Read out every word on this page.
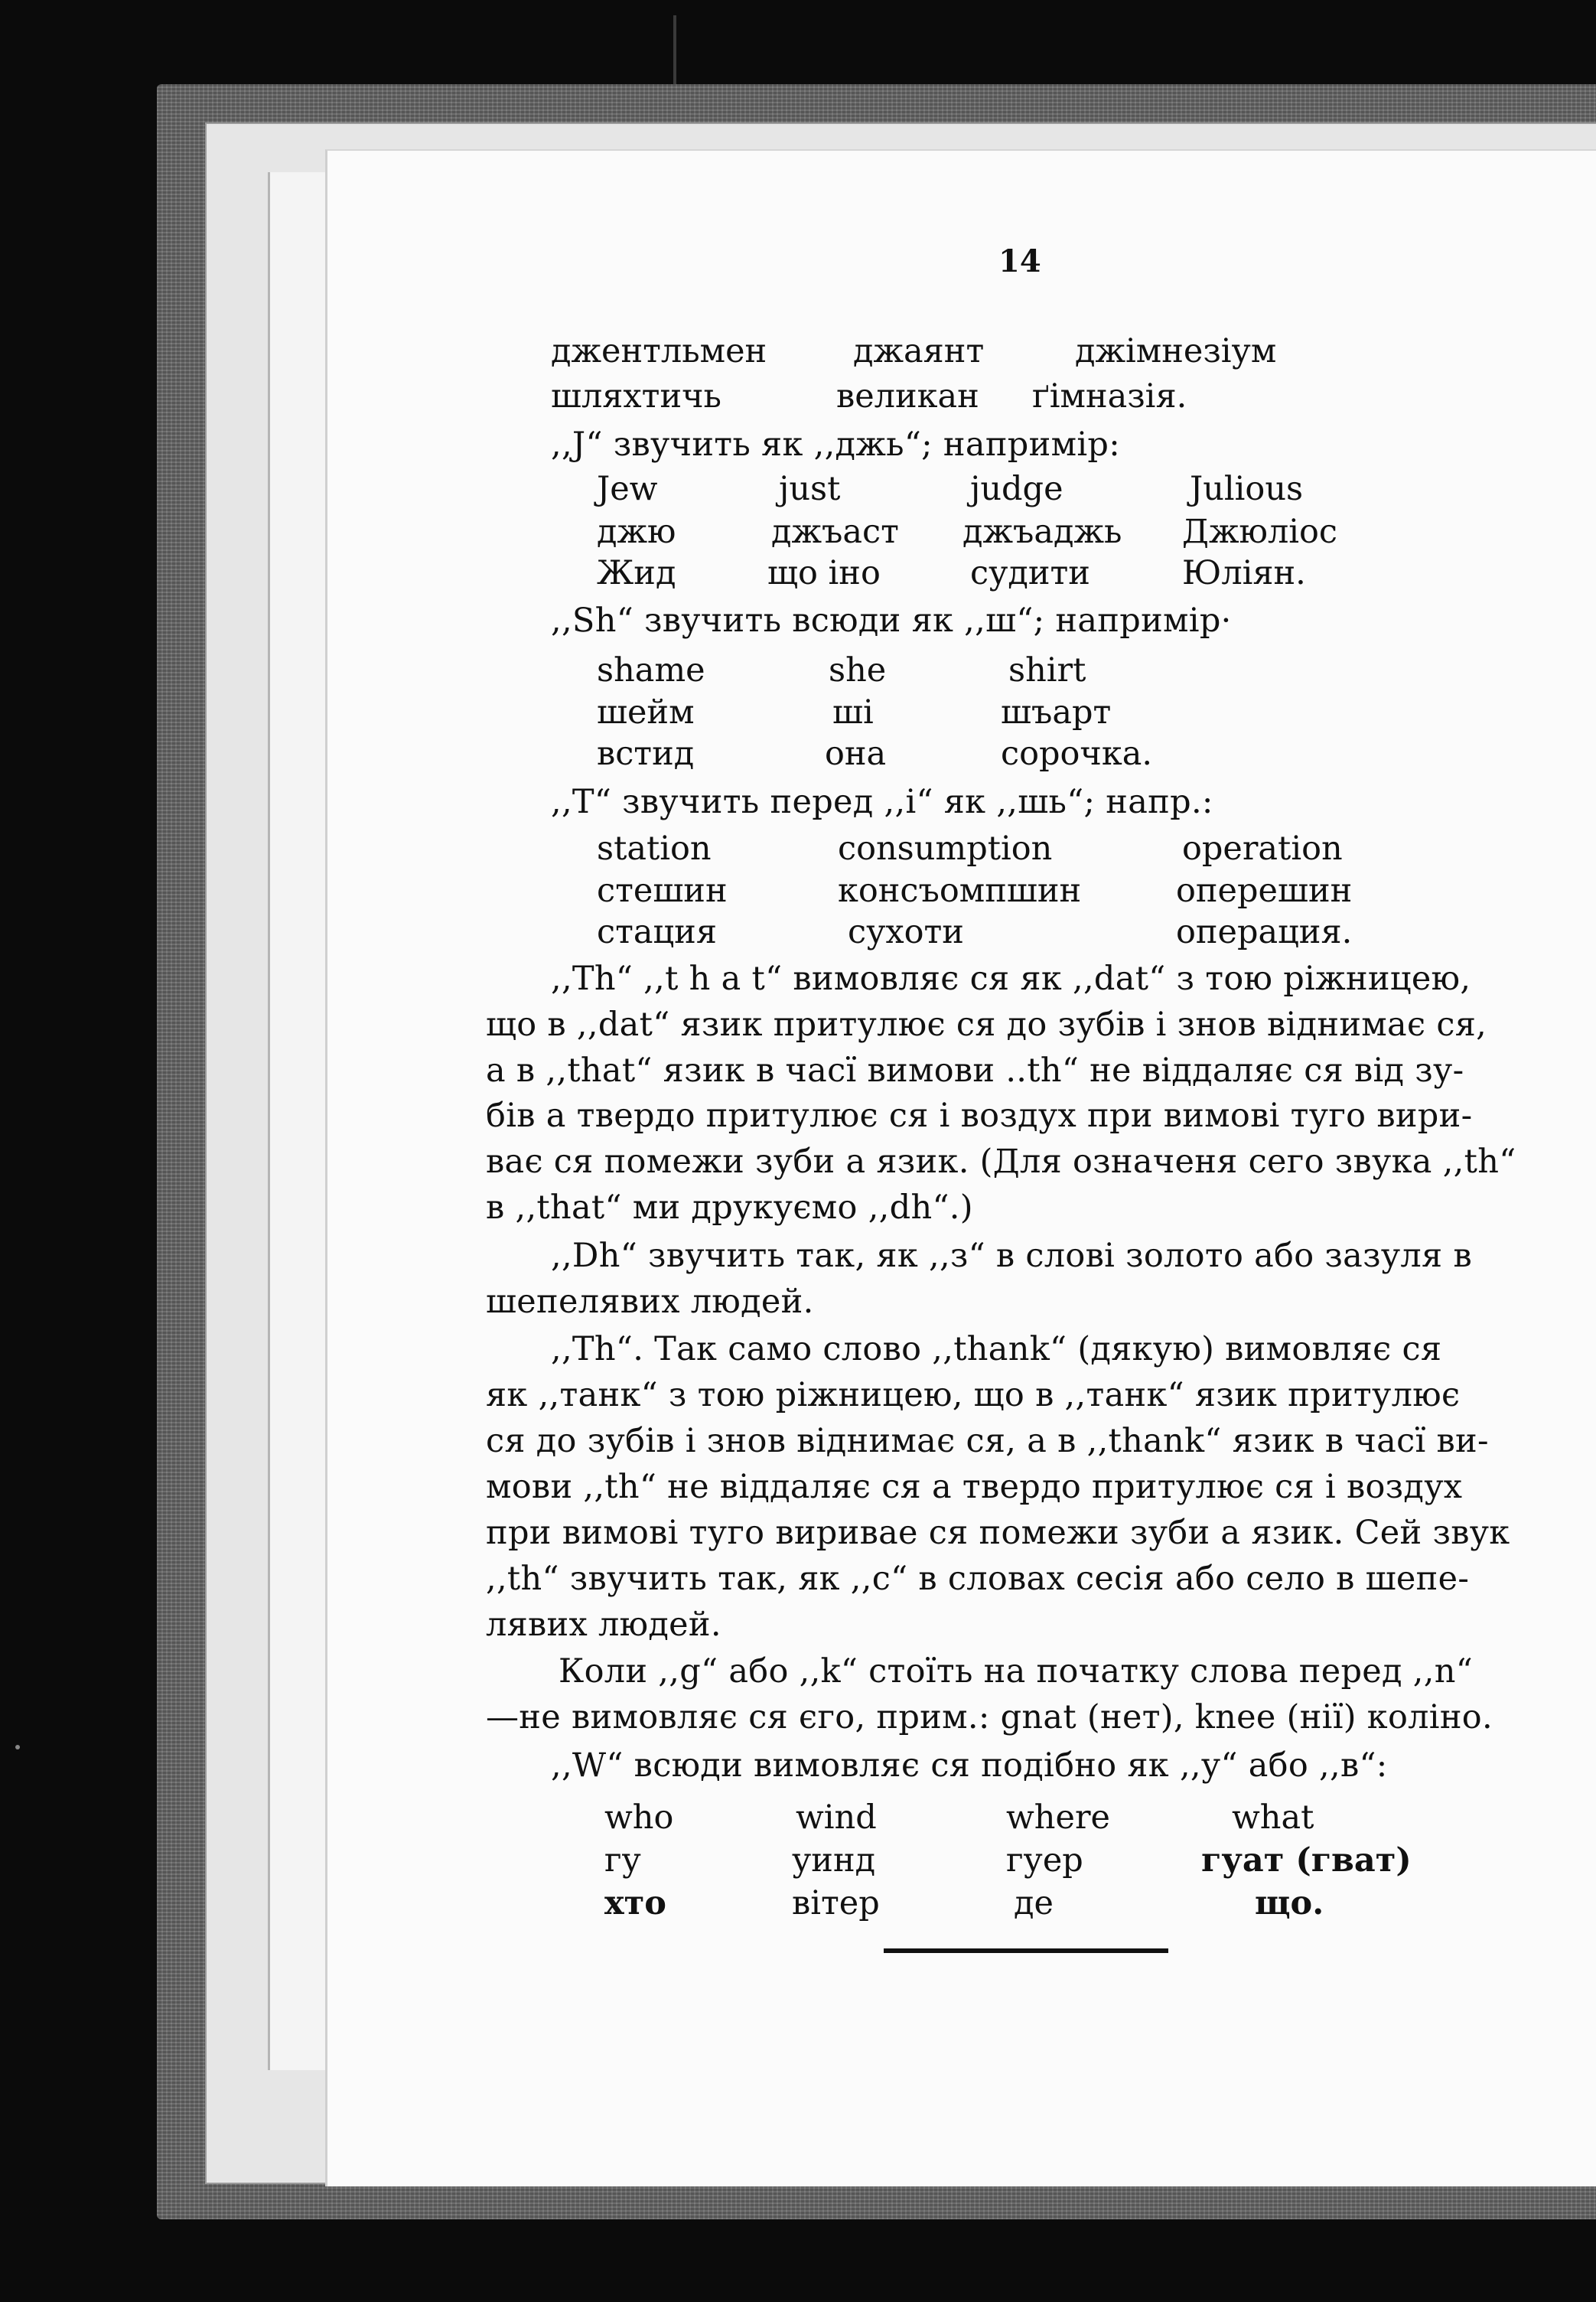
14
джентльмен	джаянт	джімнезіум
шляхтичь	великан ґімназія.
,,J“ звучить як ,,джь“; напримір:
Jew	just	judge	Julious
джю	джъаст джъаджь Джюліос
Жид	що іно	судити	Юліян.
,,Sh“ звучить всюди як ,,ш“; напримір·
shame	she	shirt
шейм	ші	шъарт
встид	она	сорочка.
,,T“ звучить перед ,,i“ як ,,шь“; напр.:
station	consumption	operation
стешин	консъомпшин	оперешин
стация	сухоти	операция.
,,Th“ ,,t h a t“ вимовляє ся як ,,dat“ з тою ріжницею,
що в ,,dat“ язик притулює ся до зубів і знов віднимає ся,
а в ,,that“ язик в часї вимови ..th“ не віддаляє ся від зу-
бів а твердо притулює ся і воздух при вимові туго вири-
ває ся помежи зуби а язик. (Для означеня сего звука ,,th“
в ,,that“ ми друкуємо ,,dh“.)
,,Dh“ звучить так, як ,,з“ в слові золото або зазуля в
шепелявих людей.
,,Th“. Так само слово ,,thank“ (дякую) вимовляє ся
як ,,танк“ з тою ріжницею, що в ,,танк“ язик притулює
ся до зубів і знов віднимає ся, а в ,,thank“ язик в часї ви-
мови ,,th“ не віддаляє ся а твердо притулює ся і воздух
при вимові туго виривае ся помежи зуби а язик. Сей звук
,,th“ звучить так, як ,,с“ в словах сесія або село в шепе-
лявих людей.
Коли ,,g“ або ,,k“ стоїть на початку слова перед ,,n“
—не вимовляє ся єго, прим.: gnat (нет), knee (нії) коліно.
,,W“ всюди вимовляє ся подібно як ,,у“ або ,,в“:
who	wind	where	what
гу	уинд	гуер	гуат (гват)
хто	вітер	де	що.
